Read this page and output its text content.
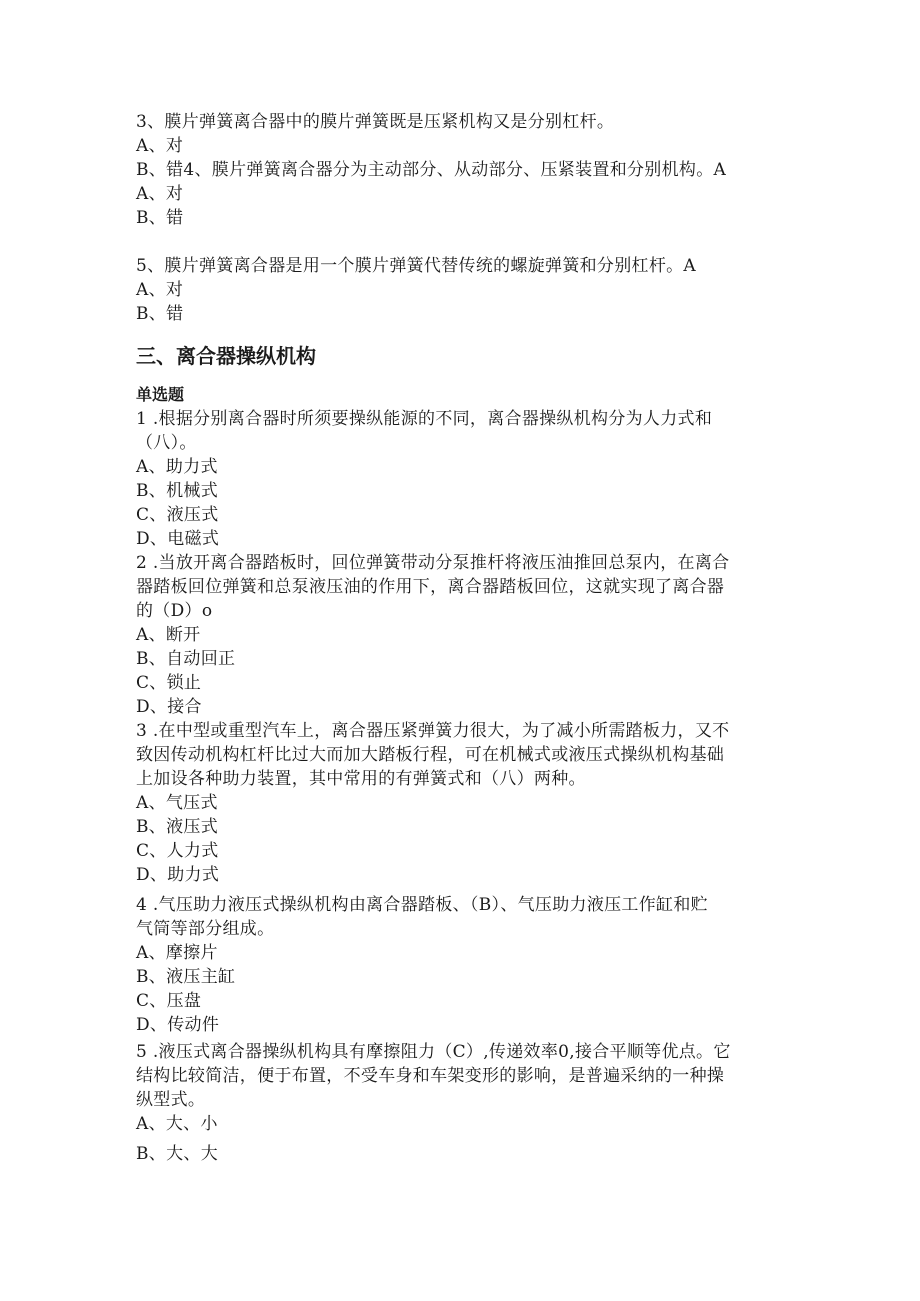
3、膜片弹簧离合器中的膜片弹簧既是压紧机构又是分别杠杆。
A、对
B、错4、膜片弹簧离合器分为主动部分、从动部分、压紧装置和分别机构。A
A、对
B、错
5、膜片弹簧离合器是用一个膜片弹簧代替传统的螺旋弹簧和分别杠杆。A
A、对
B、错
三、离合器操纵机构
单选题
1 .根据分别离合器时所须要操纵能源的不同，离合器操纵机构分为人力式和
（八）。
A、助力式
B、机械式
C、液压式
D、电磁式
2 .当放开离合器踏板时，回位弹簧带动分泵推杆将液压油推回总泵内，在离合
器踏板回位弹簧和总泵液压油的作用下，离合器踏板回位，这就实现了离合器
的（D）o
A、断开
B、自动回正
C、锁止
D、接合
3 .在中型或重型汽车上，离合器压紧弹簧力很大，为了减小所需踏板力，又不
致因传动机构杠杆比过大而加大踏板行程，可在机械式或液压式操纵机构基础
上加设各种助力装置，其中常用的有弹簧式和（八）两种。
A、气压式
B、液压式
C、人力式
D、助力式
4 .气压助力液压式操纵机构由离合器踏板、（B）、气压助力液压工作缸和贮
气筒等部分组成。
A、摩擦片
B、液压主缸
C、压盘
D、传动件
5 .液压式离合器操纵机构具有摩擦阻力（C）,传递效率0,接合平顺等优点。它
结构比较简洁，便于布置，不受车身和车架变形的影响，是普遍采纳的一种操
纵型式。
A、大、小
B、大、大
